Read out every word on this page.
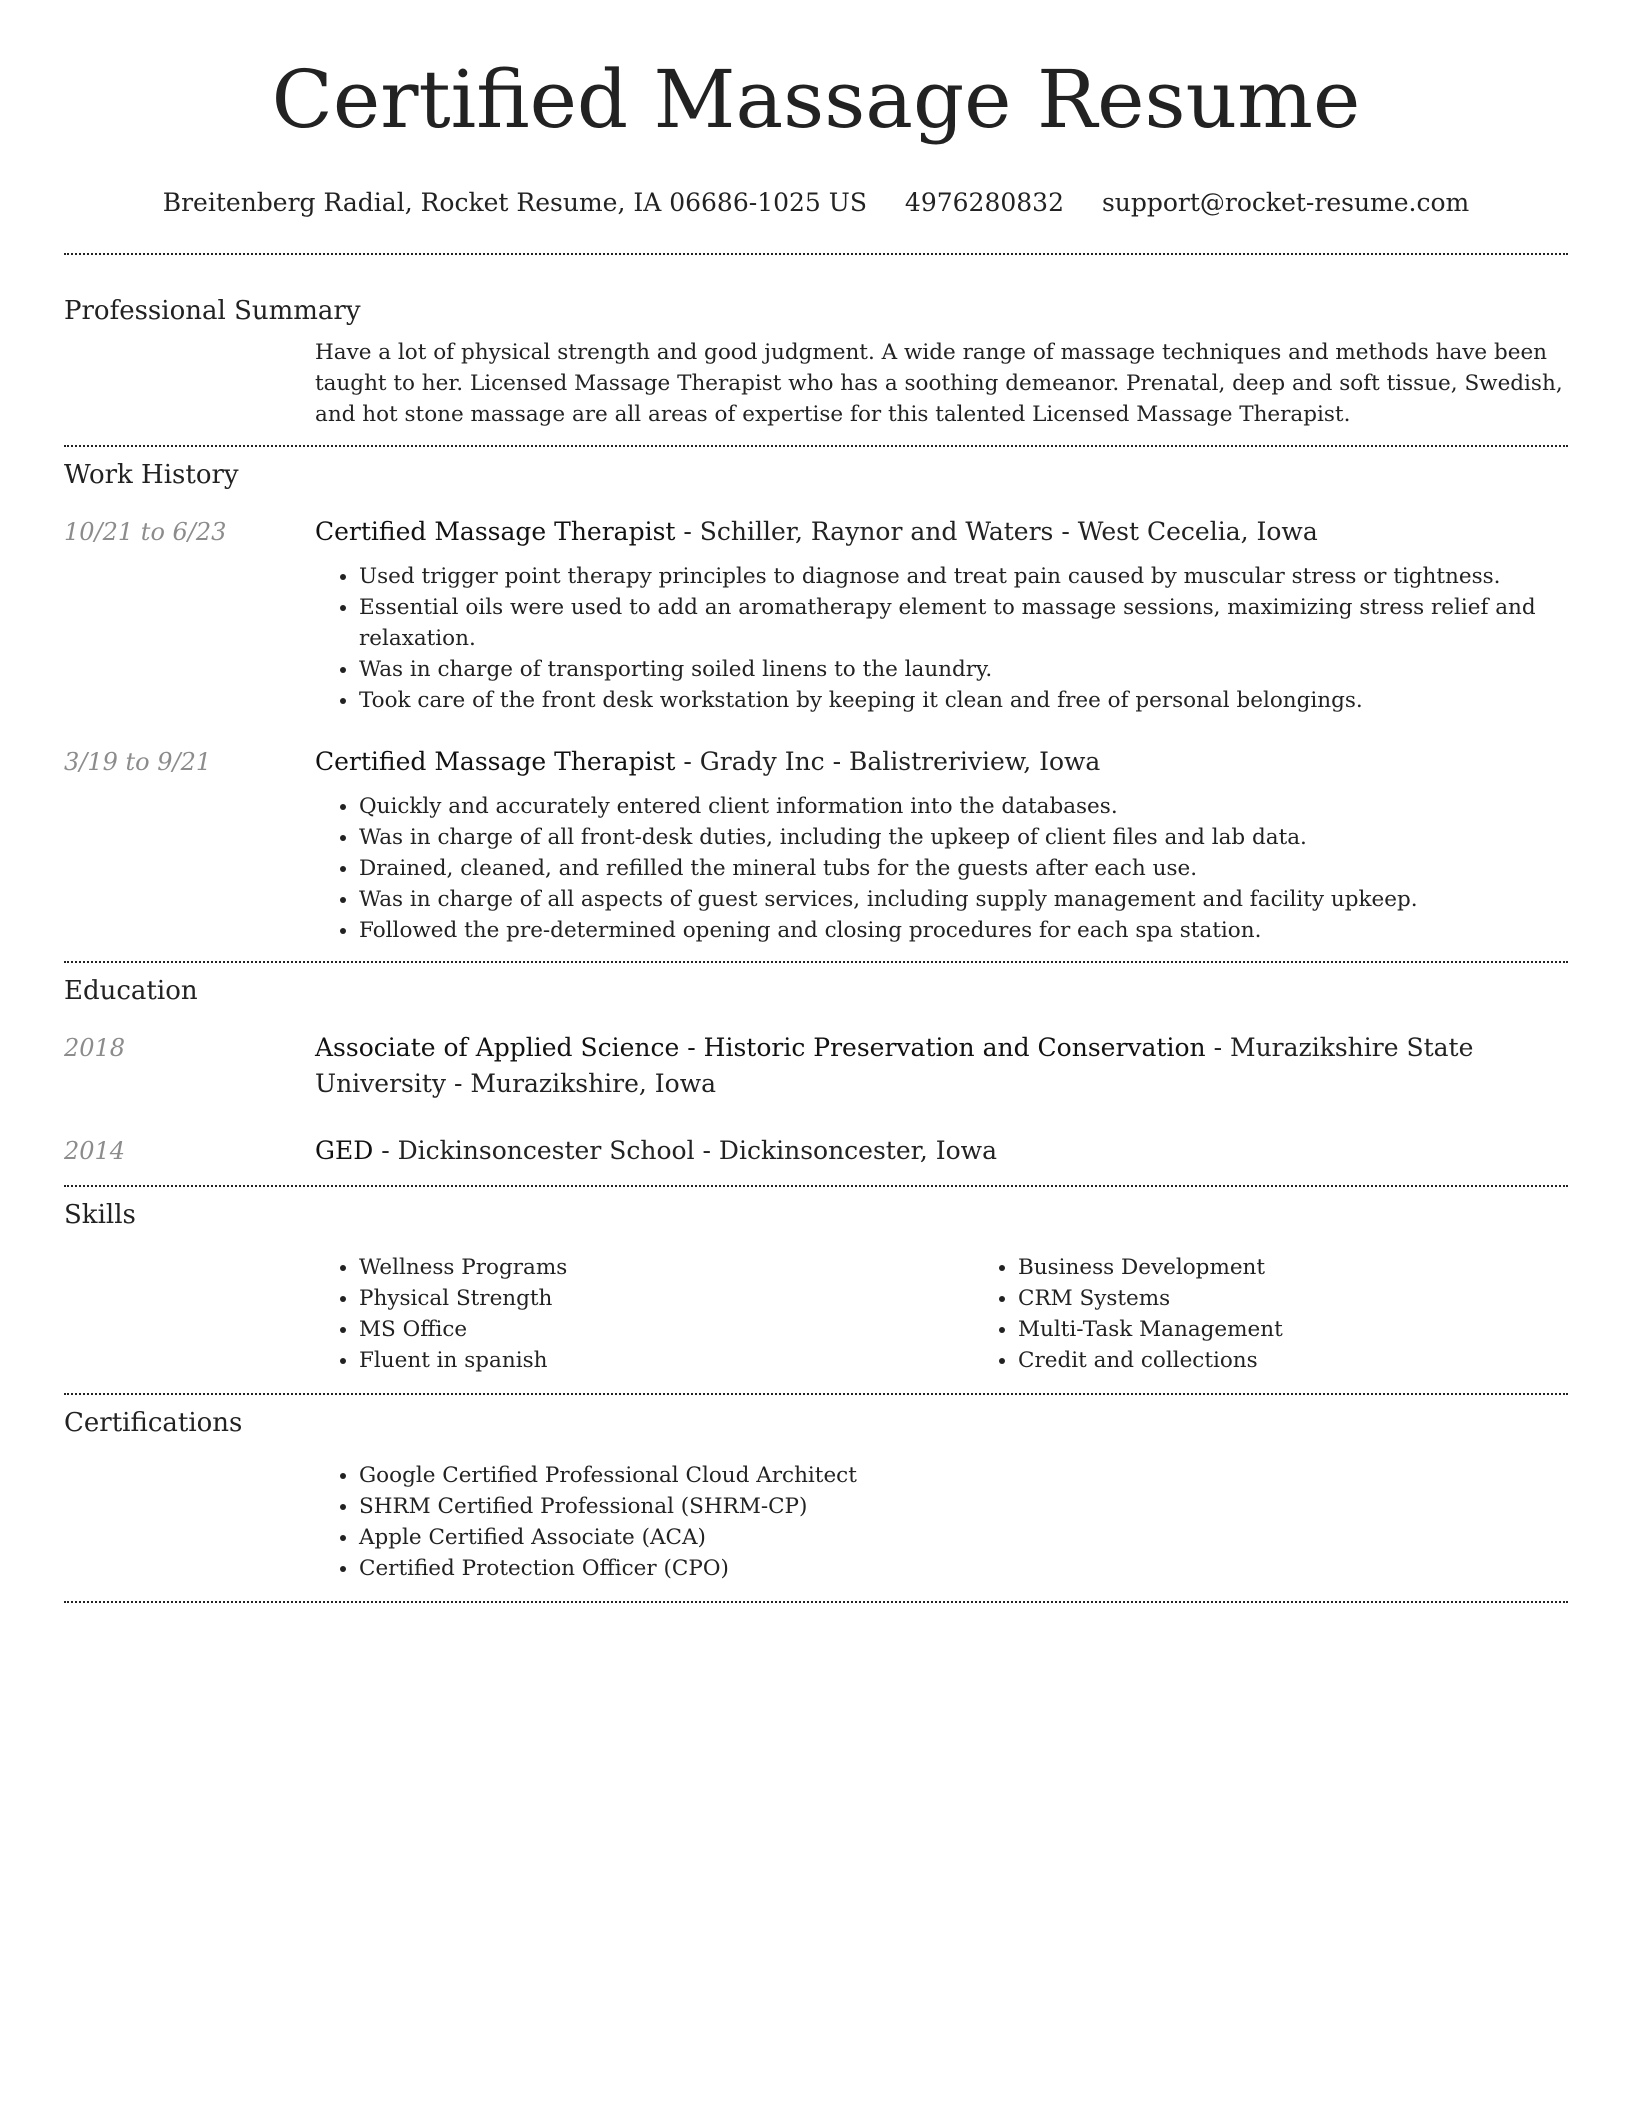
Certified Massage Resume
Breitenberg Radial, Rocket Resume, IA 06686-1025 US 4976280832 support@rocket-resume.com
Professional Summary

Have a lot of physical strength and good judgment. A wide range of massage techniques and methods have been taught to her. Licensed Massage Therapist who has a soothing demeanor. Prenatal, deep and soft tissue, Swedish, and hot stone massage are all areas of expertise for this talented Licensed Massage Therapist.

Work History
10/21 to 6/23	Certified Massage Therapist - Schiller, Raynor and Waters - West Cecelia, Iowa

• Used trigger point therapy principles to diagnose and treat pain caused by muscular stress or tightness.
• Essential oils were used to add an aromatherapy element to massage sessions, maximizing stress relief and relaxation.
• Was in charge of transporting soiled linens to the laundry.
• Took care of the front desk workstation by keeping it clean and free of personal belongings.
3/19 to 9/21	Certified Massage Therapist - Grady Inc - Balistreriview, Iowa

• Quickly and accurately entered client information into the databases.
• Was in charge of all front-desk duties, including the upkeep of client files and lab data.
• Drained, cleaned, and refilled the mineral tubs for the guests after each use.
• Was in charge of all aspects of guest services, including supply management and facility upkeep.
• Followed the pre-determined opening and closing procedures for each spa station.
Education
2018	Associate of Applied Science - Historic Preservation and Conservation - Murazikshire State University - Murazikshire, Iowa

2014	GED - Dickinsoncester School - Dickinsoncester, Iowa

Skills
• Wellness Programs
• Physical Strength
• MS Office
• Fluent in spanish
• Business Development
• CRM Systems
• Multi-Task Management
• Credit and collections
Certifications
• Google Certified Professional Cloud Architect
• SHRM Certified Professional (SHRM-CP)
• Apple Certified Associate (ACA)
• Certified Protection Officer (CPO)
